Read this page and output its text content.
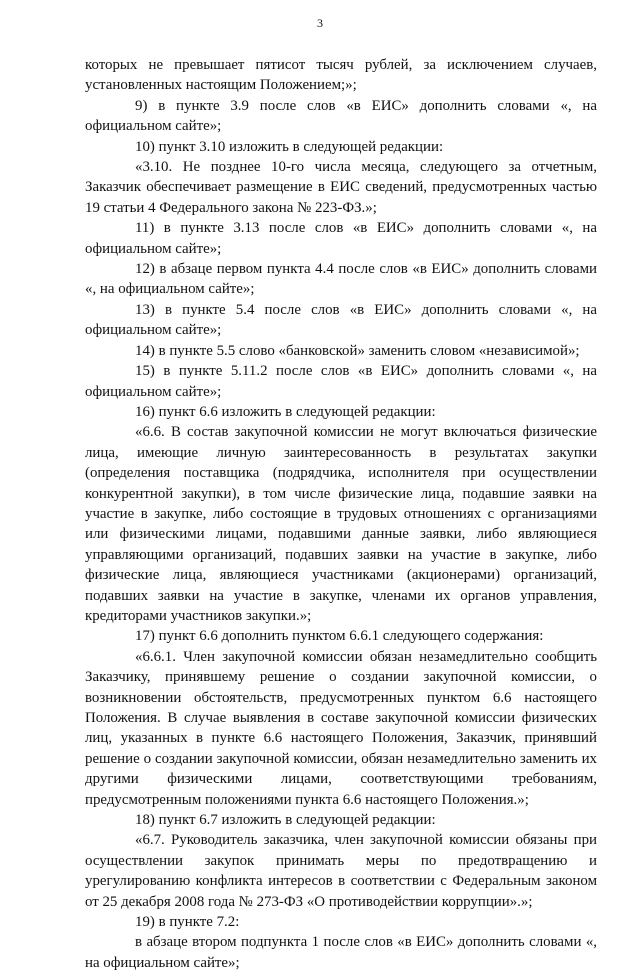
3

которых не превышает пятисот тысяч рублей, за исключением случаев, установленных настоящим Положением;»;

9) в пункте 3.9 после слов «в ЕИС» дополнить словами «, на официальном сайте»;

10) пункт 3.10 изложить в следующей редакции:

«3.10. Не позднее 10-го числа месяца, следующего за отчетным, Заказчик обеспечивает размещение в ЕИС сведений, предусмотренных частью 19 статьи 4 Федерального закона № 223-ФЗ.»;

11) в пункте 3.13 после слов «в ЕИС» дополнить словами «, на официальном сайте»;

12) в абзаце первом пункта 4.4 после слов «в ЕИС» дополнить словами «, на официальном сайте»;

13) в пункте 5.4 после слов «в ЕИС» дополнить словами «, на официальном сайте»;

14) в пункте 5.5 слово «банковской» заменить словом «независимой»;

15) в пункте 5.11.2 после слов «в ЕИС» дополнить словами «, на официальном сайте»;

16) пункт 6.6 изложить в следующей редакции:

«6.6. В состав закупочной комиссии не могут включаться физические лица, имеющие личную заинтересованность в результатах закупки (определения поставщика (подрядчика, исполнителя при осуществлении конкурентной закупки), в том числе физические лица, подавшие заявки на участие в закупке, либо состоящие в трудовых отношениях с организациями или физическими лицами, подавшими данные заявки, либо являющиеся управляющими организаций, подавших заявки на участие в закупке, либо физические лица, являющиеся участниками (акционерами) организаций, подавших заявки на участие в закупке, членами их органов управления, кредиторами участников закупки.»;

17) пункт 6.6 дополнить пунктом 6.6.1 следующего содержания:

«6.6.1. Член закупочной комиссии обязан незамедлительно сообщить Заказчику, принявшему решение о создании закупочной комиссии, о возникновении обстоятельств, предусмотренных пунктом 6.6 настоящего Положения. В случае выявления в составе закупочной комиссии физических лиц, указанных в пункте 6.6 настоящего Положения, Заказчик, принявший решение о создании закупочной комиссии, обязан незамедлительно заменить их другими физическими лицами, соответствующими требованиям, предусмотренным положениями пункта 6.6 настоящего Положения.»;

18) пункт 6.7 изложить в следующей редакции:

«6.7. Руководитель заказчика, член закупочной комиссии обязаны при осуществлении закупок принимать меры по предотвращению и урегулированию конфликта интересов в соответствии с Федеральным законом от 25 декабря 2008 года № 273-ФЗ «О противодействии коррупции».»;

19) в пункте 7.2:

в абзаце втором подпункта 1 после слов «в ЕИС» дополнить словами «, на официальном сайте»;
